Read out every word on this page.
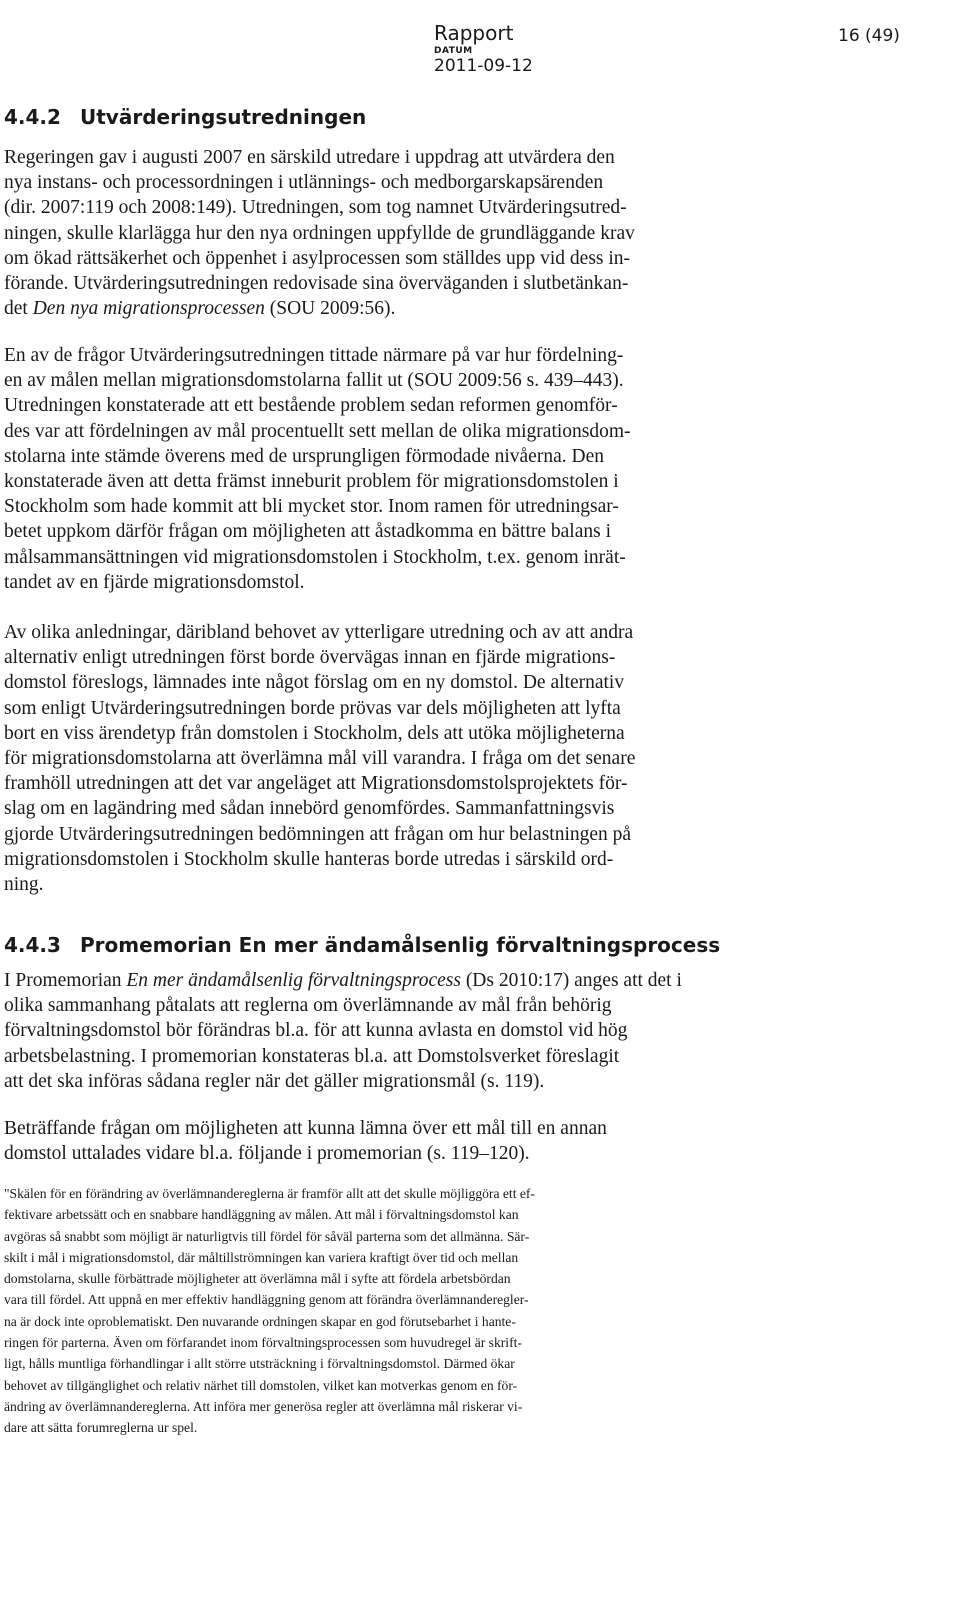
Rapport
DATUM
2011-09-12
16 (49)
4.4.2 Utvärderingsutredningen
Regeringen gav i augusti 2007 en särskild utredare i uppdrag att utvärdera den
nya instans- och processordningen i utlännings- och medborgarskapsärenden
(dir. 2007:119 och 2008:149). Utredningen, som tog namnet Utvärderingsutred-
ningen, skulle klarlägga hur den nya ordningen uppfyllde de grundläggande krav
om ökad rättsäkerhet och öppenhet i asylprocessen som ställdes upp vid dess in-
förande. Utvärderingsutredningen redovisade sina överväganden i slutbetänkan-
det Den nya migrationsprocessen (SOU 2009:56).
En av de frågor Utvärderingsutredningen tittade närmare på var hur fördelning-
en av målen mellan migrationsdomstolarna fallit ut (SOU 2009:56 s. 439–443).
Utredningen konstaterade att ett bestående problem sedan reformen genomför-
des var att fördelningen av mål procentuellt sett mellan de olika migrationsdom-
stolarna inte stämde överens med de ursprungligen förmodade nivåerna. Den
konstaterade även att detta främst inneburit problem för migrationsdomstolen i
Stockholm som hade kommit att bli mycket stor. Inom ramen för utredningsar-
betet uppkom därför frågan om möjligheten att åstadkomma en bättre balans i
målsammansättningen vid migrationsdomstolen i Stockholm, t.ex. genom inrät-
tandet av en fjärde migrationsdomstol.
Av olika anledningar, däribland behovet av ytterligare utredning och av att andra
alternativ enligt utredningen först borde övervägas innan en fjärde migrations-
domstol föreslogs, lämnades inte något förslag om en ny domstol. De alternativ
som enligt Utvärderingsutredningen borde prövas var dels möjligheten att lyfta
bort en viss ärendetyp från domstolen i Stockholm, dels att utöka möjligheterna
för migrationsdomstolarna att överlämna mål vill varandra. I fråga om det senare
framhöll utredningen att det var angeläget att Migrationsdomstolsprojektets för-
slag om en lagändring med sådan innebörd genomfördes. Sammanfattningsvis
gjorde Utvärderingsutredningen bedömningen att frågan om hur belastningen på
migrationsdomstolen i Stockholm skulle hanteras borde utredas i särskild ord-
ning.
4.4.3 Promemorian En mer ändamålsenlig förvaltningsprocess
I Promemorian En mer ändamålsenlig förvaltningsprocess (Ds 2010:17) anges att det i
olika sammanhang påtalats att reglerna om överlämnande av mål från behörig
förvaltningsdomstol bör förändras bl.a. för att kunna avlasta en domstol vid hög
arbetsbelastning. I promemorian konstateras bl.a. att Domstolsverket föreslagit
att det ska införas sådana regler när det gäller migrationsmål (s. 119).
Beträffande frågan om möjligheten att kunna lämna över ett mål till en annan
domstol uttalades vidare bl.a. följande i promemorian (s. 119–120).
"Skälen för en förändring av överlämnandereglerna är framför allt att det skulle möjliggöra ett ef-
fektivare arbetssätt och en snabbare handläggning av målen. Att mål i förvaltningsdomstol kan
avgöras så snabbt som möjligt är naturligtvis till fördel för såväl parterna som det allmänna. Sär-
skilt i mål i migrationsdomstol, där måltillströmningen kan variera kraftigt över tid och mellan
domstolarna, skulle förbättrade möjligheter att överlämna mål i syfte att fördela arbetsbördan
vara till fördel. Att uppnå en mer effektiv handläggning genom att förändra överlämnanderegler-
na är dock inte oproblematiskt. Den nuvarande ordningen skapar en god förutsebarhet i hante-
ringen för parterna. Även om förfarandet inom förvaltningsprocessen som huvudregel är skrift-
ligt, hålls muntliga förhandlingar i allt större utsträckning i förvaltningsdomstol. Därmed ökar
behovet av tillgänglighet och relativ närhet till domstolen, vilket kan motverkas genom en för-
ändring av överlämnandereglerna. Att införa mer generösa regler att överlämna mål riskerar vi-
dare att sätta forumreglerna ur spel.
